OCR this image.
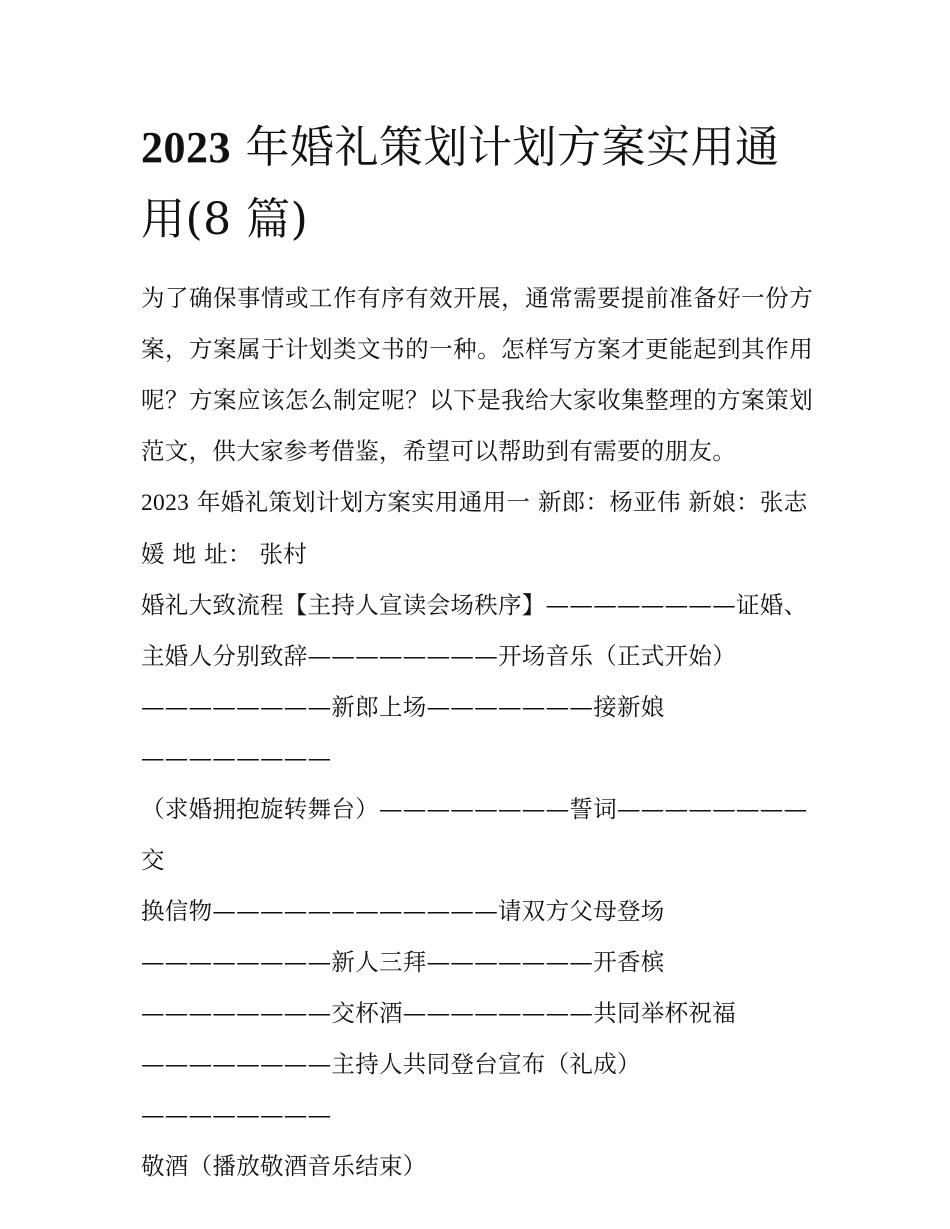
2023 年婚礼策划计划方案实用通用(8 篇)

为了确保事情或工作有序有效开展，通常需要提前准备好一份方案，方案属于计划类文书的一种。怎样写方案才更能起到其作用呢？方案应该怎么制定呢？以下是我给大家收集整理的方案策划范文，供大家参考借鉴，希望可以帮助到有需要的朋友。

2023 年婚礼策划计划方案实用通用一 新郎：杨亚伟 新娘：张志媛 地 址： 张村

婚礼大致流程【主持人宣读会场秩序】————————证婚、

主婚人分别致辞————————开场音乐（正式开始）

————————新郎上场———————接新娘————————

（求婚拥抱旋转舞台）————————誓词————————交

换信物————————————请双方父母登场

————————新人三拜———————开香槟

————————交杯酒————————共同举杯祝福

————————主持人共同登台宣布（礼成）————————

敬酒（播放敬酒音乐结束）
